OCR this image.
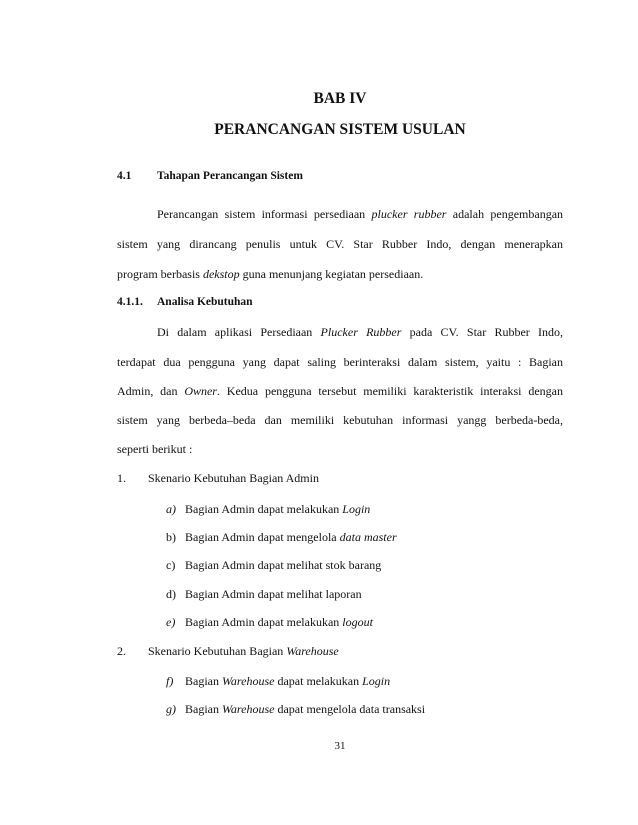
BAB IV
PERANCANGAN SISTEM USULAN
4.1 Tahapan Perancangan Sistem
Perancangan sistem informasi persediaan plucker rubber adalah pengembangan
sistem yang dirancang penulis untuk CV. Star Rubber Indo, dengan menerapkan
program berbasis dekstop guna menunjang kegiatan persediaan.
4.1.1. Analisa Kebutuhan
Di dalam aplikasi Persediaan Plucker Rubber pada CV. Star Rubber Indo,
terdapat dua pengguna yang dapat saling berinteraksi dalam sistem, yaitu : Bagian
Admin, dan Owner. Kedua pengguna tersebut memiliki karakteristik interaksi dengan
sistem yang berbeda–beda dan memiliki kebutuhan informasi yangg berbeda-beda,
seperti berikut :
1. Skenario Kebutuhan Bagian Admin
a) Bagian Admin dapat melakukan Login
b) Bagian Admin dapat mengelola data master
c) Bagian Admin dapat melihat stok barang
d) Bagian Admin dapat melihat laporan
e) Bagian Admin dapat melakukan logout
2. Skenario Kebutuhan Bagian Warehouse
f) Bagian Warehouse dapat melakukan Login
g) Bagian Warehouse dapat mengelola data transaksi
31
